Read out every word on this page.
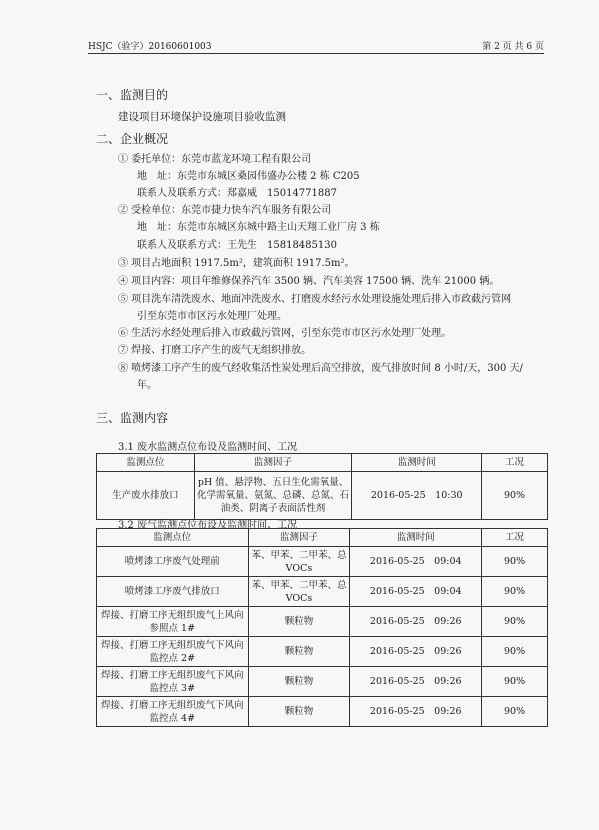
HSJC（验字）20160601003	第 2 页 共 6 页
一、监测目的
建设项目环境保护设施项目验收监测
二、企业概况
① 委托单位：东莞市蓝龙环境工程有限公司
地　址：东莞市东城区桑园伟盛办公楼 2 栋 C205
联系人及联系方式：郑嘉威　15014771887
② 受检单位：东莞市捷力快车汽车服务有限公司
地　址：东莞市东城区东城中路主山天翔工业厂房 3 栋
联系人及联系方式：王先生　15818485130
③ 项目占地面积 1917.5m²，建筑面积 1917.5m²。
④ 项目内容：项目年维修保养汽车 3500 辆、汽车美容 17500 辆、洗车 21000 辆。
⑤ 项目洗车清洗废水、地面冲洗废水、打磨废水经污水处理设施处理后排入市政截污管网
引至东莞市市区污水处理厂处理。
⑥ 生活污水经处理后排入市政截污管网，引至东莞市市区污水处理厂处理。
⑦ 焊接、打磨工序产生的废气无组织排放。
⑧ 喷烤漆工序产生的废气经收集活性炭处理后高空排放，废气排放时间 8 小时/天，300 天/
年。
三、监测内容
3.1 废水监测点位布设及监测时间、工况
监测点位	监测因子	监测时间	工况
生产废水排放口	pH 值、悬浮物、五日生化需氧量、化学需氧量、氨氮、总磷、总氮、石油类、阴离子表面活性剂	2016-05-25　10:30	90%
3.2 废气监测点位布设及监测时间、工况
监测点位	监测因子	监测时间	工况
喷烤漆工序废气处理前	苯、甲苯、二甲苯、总 VOCs	2016-05-25　09:04	90%
喷烤漆工序废气排放口	苯、甲苯、二甲苯、总 VOCs	2016-05-25　09:04	90%
焊接、打磨工序无组织废气上风向参照点 1#	颗粒物	2016-05-25　09:26	90%
焊接、打磨工序无组织废气下风向监控点 2#	颗粒物	2016-05-25　09:26	90%
焊接、打磨工序无组织废气下风向监控点 3#	颗粒物	2016-05-25　09:26	90%
焊接、打磨工序无组织废气下风向监控点 4#	颗粒物	2016-05-25　09:26	90%
